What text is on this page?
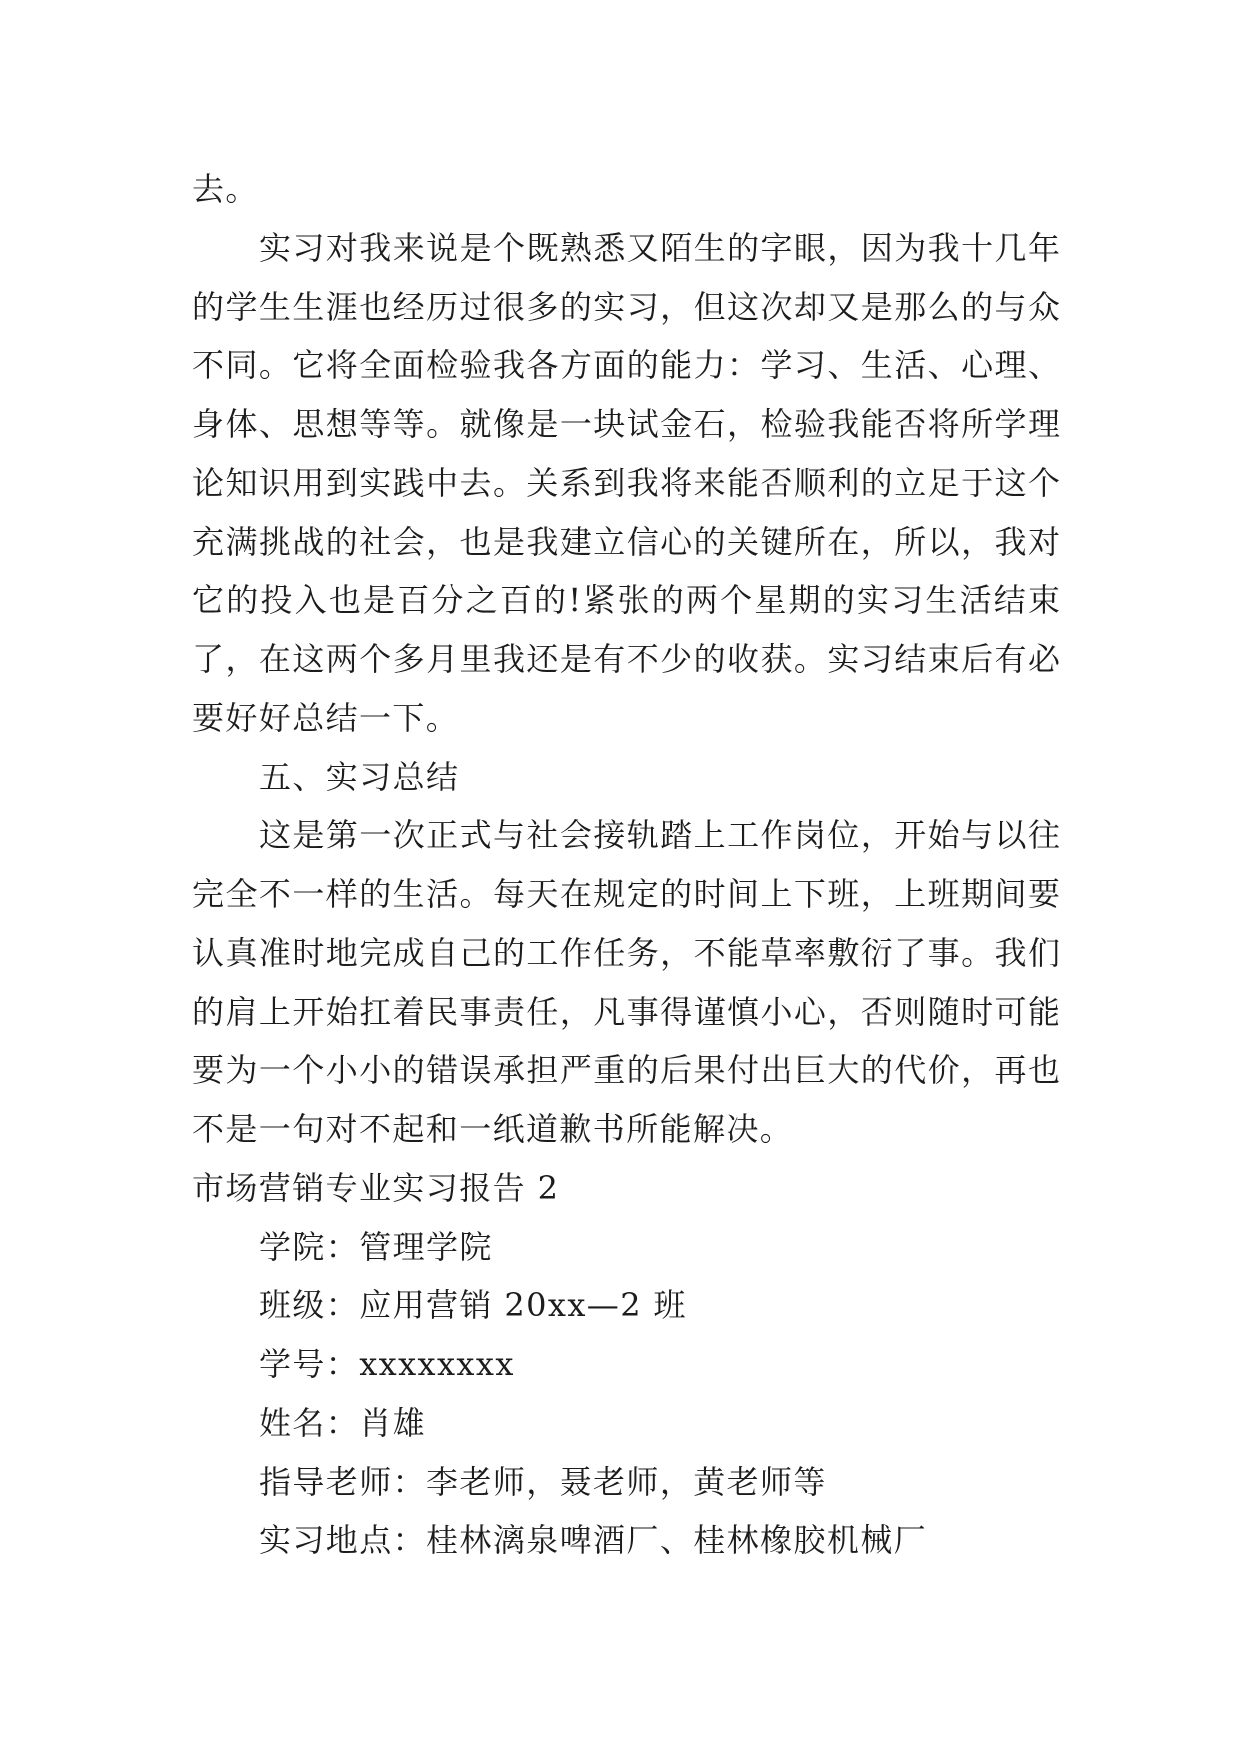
去。
实习对我来说是个既熟悉又陌生的字眼，因为我十几年
的学生生涯也经历过很多的实习，但这次却又是那么的与众
不同。它将全面检验我各方面的能力：学习、生活、心理、
身体、思想等等。就像是一块试金石，检验我能否将所学理
论知识用到实践中去。关系到我将来能否顺利的立足于这个
充满挑战的社会，也是我建立信心的关键所在，所以，我对
它的投入也是百分之百的!紧张的两个星期的实习生活结束
了，在这两个多月里我还是有不少的收获。实习结束后有必
要好好总结一下。
五、实习总结
这是第一次正式与社会接轨踏上工作岗位，开始与以往
完全不一样的生活。每天在规定的时间上下班，上班期间要
认真准时地完成自己的工作任务，不能草率敷衍了事。我们
的肩上开始扛着民事责任，凡事得谨慎小心，否则随时可能
要为一个小小的错误承担严重的后果付出巨大的代价，再也
不是一句对不起和一纸道歉书所能解决。
市场营销专业实习报告 2
学院：管理学院
班级：应用营销 20xx—2 班
学号：xxxxxxxx
姓名：肖雄
指导老师：李老师，聂老师，黄老师等
实习地点：桂林漓泉啤酒厂、桂林橡胶机械厂
